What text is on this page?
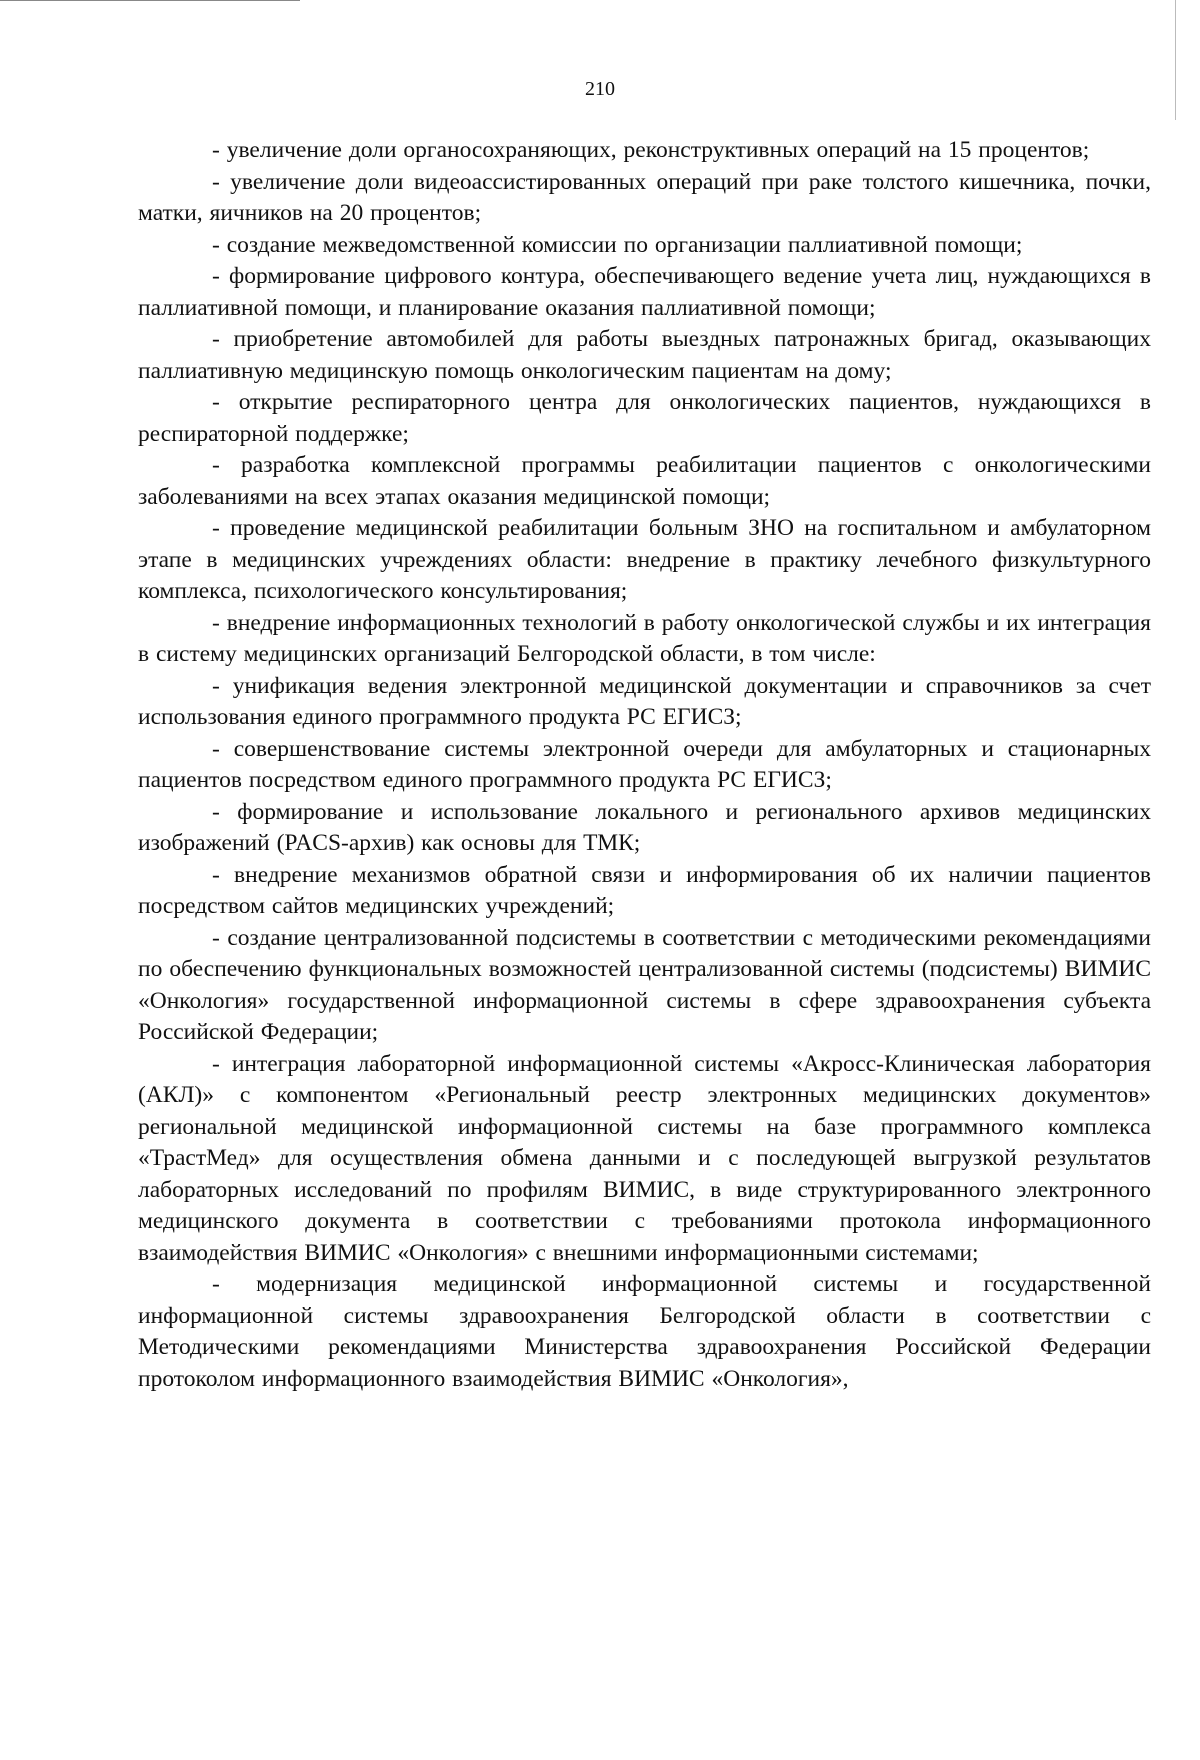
210

- увеличение доли органосохраняющих, реконструктивных операций на 15 процентов;

- увеличение доли видеоассистированных операций при раке толстого кишечника, почки, матки, яичников на 20 процентов;

- создание межведомственной комиссии по организации паллиативной помощи;

- формирование цифрового контура, обеспечивающего ведение учета лиц, нуждающихся в паллиативной помощи, и планирование оказания паллиативной помощи;

- приобретение автомобилей для работы выездных патронажных бригад, оказывающих паллиативную медицинскую помощь онкологическим пациентам на дому;

- открытие респираторного центра для онкологических пациентов, нуждающихся в респираторной поддержке;

- разработка комплексной программы реабилитации пациентов с онкологическими заболеваниями на всех этапах оказания медицинской помощи;

- проведение медицинской реабилитации больным ЗНО на госпитальном и амбулаторном этапе в медицинских учреждениях области: внедрение в практику лечебного физкультурного комплекса, психологического консультирования;

- внедрение информационных технологий в работу онкологической службы и их интеграция в систему медицинских организаций Белгородской области, в том числе:

- унификация ведения электронной медицинской документации и справочников за счет использования единого программного продукта РС ЕГИСЗ;

- совершенствование системы электронной очереди для амбулаторных и стационарных пациентов посредством единого программного продукта РС ЕГИСЗ;

- формирование и использование локального и регионального архивов медицинских изображений (PACS-архив) как основы для ТМК;

- внедрение механизмов обратной связи и информирования об их наличии пациентов посредством сайтов медицинских учреждений;

- создание централизованной подсистемы в соответствии с методическими рекомендациями по обеспечению функциональных возможностей централизованной системы (подсистемы) ВИМИС «Онкология» государственной информационной системы в сфере здравоохранения субъекта Российской Федерации;

- интеграция лабораторной информационной системы «Акросс-Клиническая лаборатория (АКЛ)» с компонентом «Региональный реестр электронных медицинских документов» региональной медицинской информационной системы на базе программного комплекса «ТрастМед» для осуществления обмена данными и с последующей выгрузкой результатов лабораторных исследований по профилям ВИМИС, в виде структурированного электронного медицинского документа в соответствии с требованиями протокола информационного взаимодействия ВИМИС «Онкология» с внешними информационными системами;

- модернизация медицинской информационной системы и государственной информационной системы здравоохранения Белгородской области в соответствии с Методическими рекомендациями Министерства здравоохранения Российской Федерации протоколом информационного взаимодействия ВИМИС «Онкология»,
